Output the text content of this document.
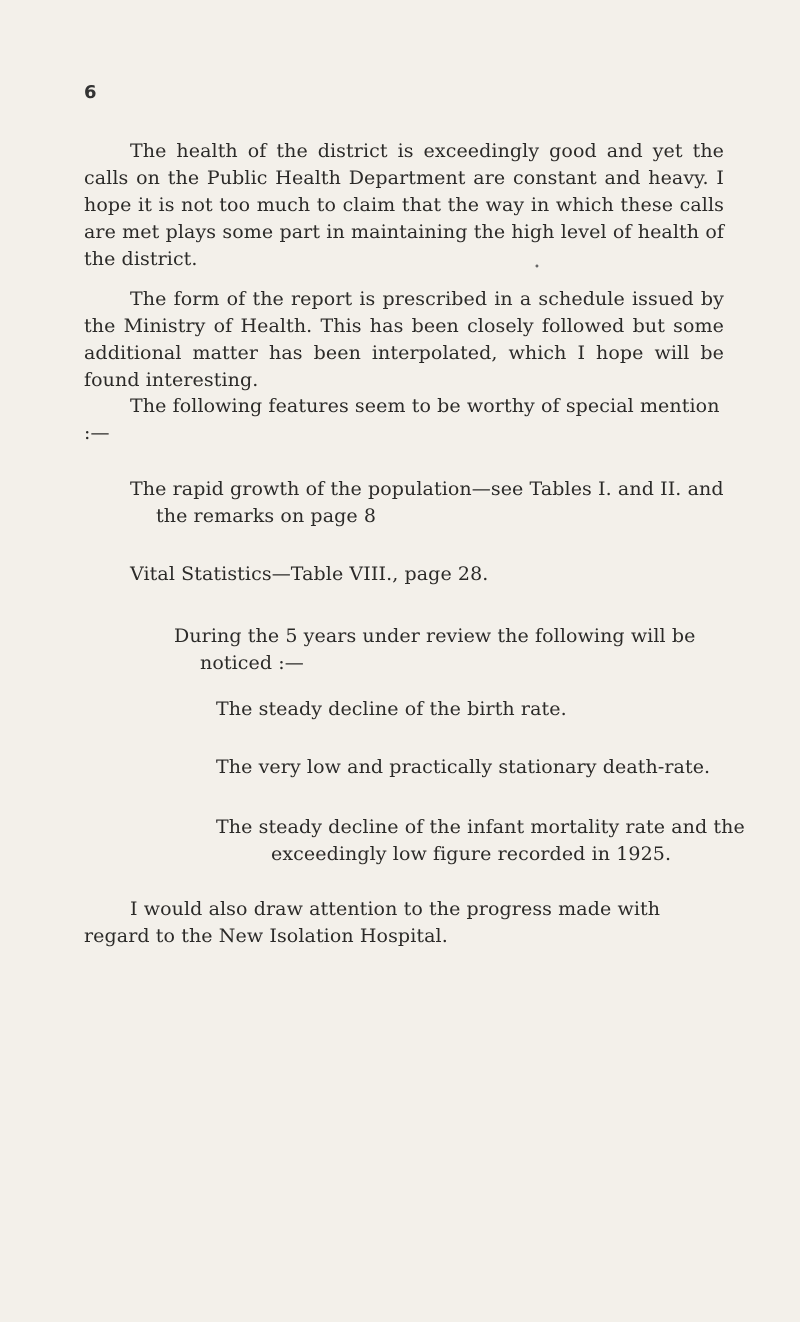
6
The health of the district is exceedingly good and yet the calls on the Public Health Department are constant and heavy. I hope it is not too much to claim that the way in which these calls are met plays some part in maintaining the high level of health of the district.	•
The form of the report is prescribed in a schedule issued by the Ministry of Health. This has been closely followed but some additional matter has been interpolated, which I hope will be found interesting.
The following features seem to be worthy of special mention :—
The rapid growth of the population—see Tables I. and II. and the remarks on page 8
Vital Statistics—Table VIII., page 28.
During the 5 years under review the following will be noticed :—
The steady decline of the birth rate.
The very low and practically stationary death-rate.
The steady decline of the infant mortality rate and the exceedingly low figure recorded in 1925.
I would also draw attention to the progress made with regard to the New Isolation Hospital.
